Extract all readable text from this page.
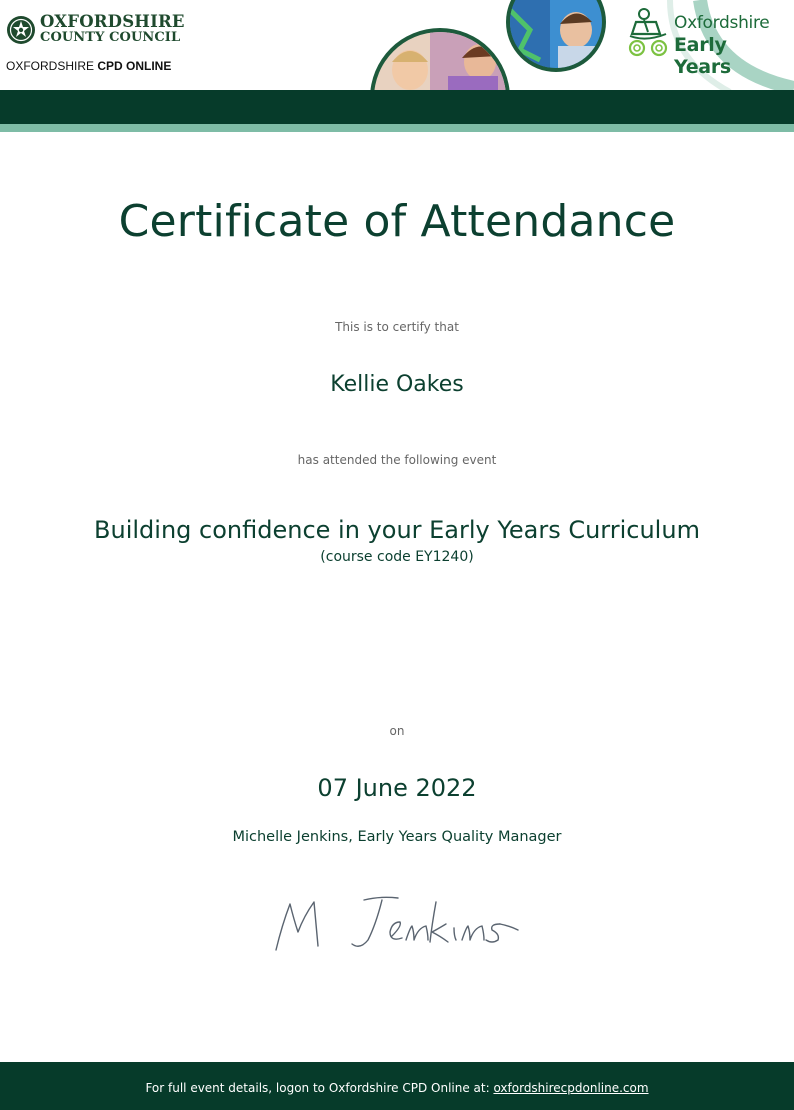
OXFORDSHIRE
COUNTY COUNCIL
OXFORDSHIRE CPD ONLINE
Oxfordshire
Early Years
Certificate of Attendance
This is to certify that
Kellie Oakes
has attended the following event
Building confidence in your Early Years Curriculum
(course code EY1240)
on
07 June 2022
Michelle Jenkins, Early Years Quality Manager
For full event details, logon to Oxfordshire CPD Online at: oxfordshirecpdonline.com
